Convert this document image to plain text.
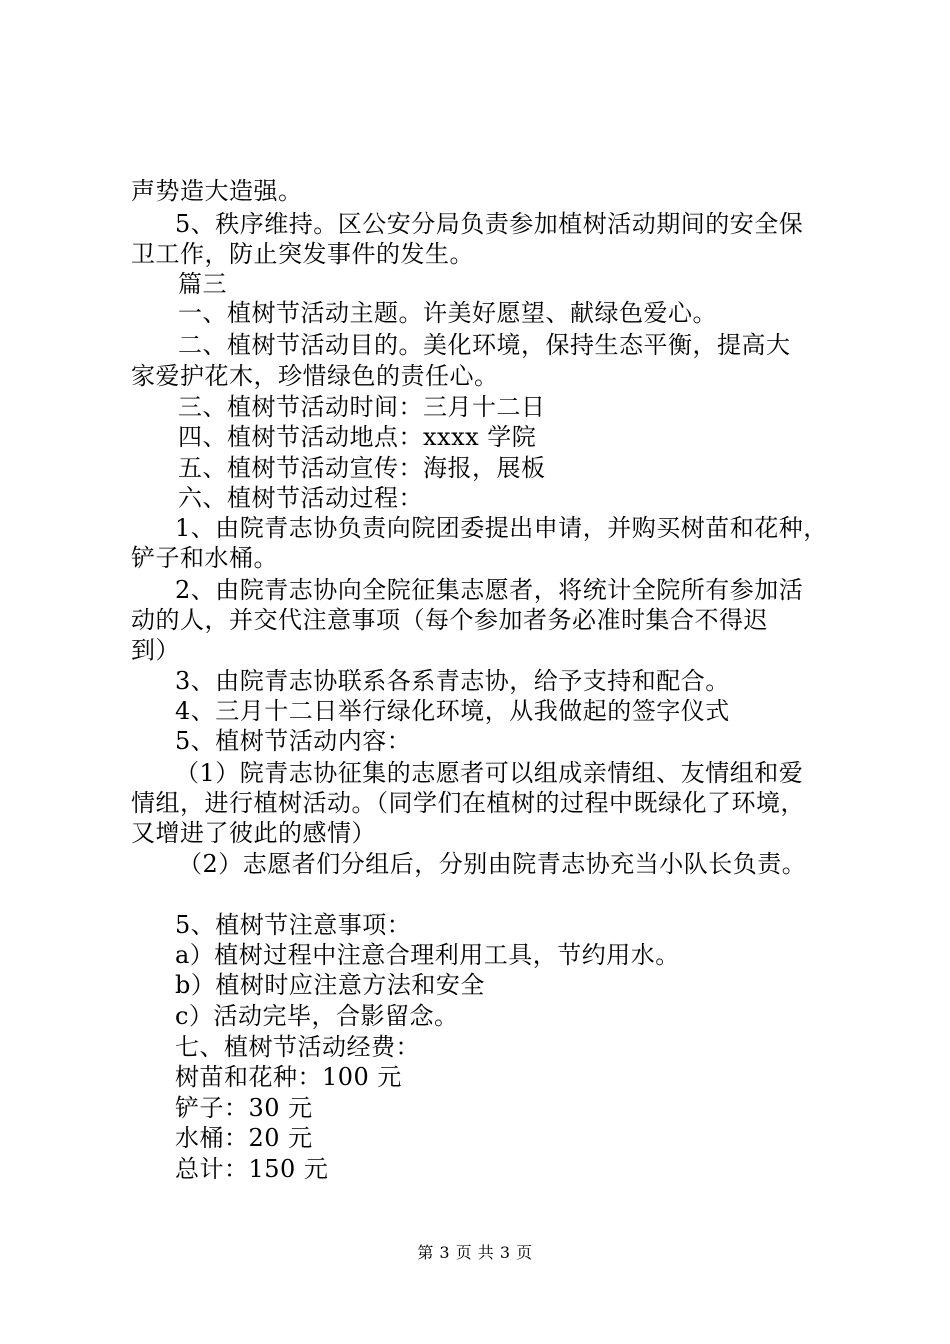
声势造大造强。
5、秩序维持。区公安分局负责参加植树活动期间的安全保
卫工作，防止突发事件的发生。
篇三
一、植树节活动主题。许美好愿望、献绿色爱心。
二、植树节活动目的。美化环境，保持生态平衡，提高大
家爱护花木，珍惜绿色的责任心。
三、植树节活动时间：三月十二日
四、植树节活动地点：xxxx 学院
五、植树节活动宣传：海报，展板
六、植树节活动过程：
1、由院青志协负责向院团委提出申请，并购买树苗和花种，
铲子和水桶。
2、由院青志协向全院征集志愿者，将统计全院所有参加活
动的人，并交代注意事项（每个参加者务必准时集合不得迟
到）
3、由院青志协联系各系青志协，给予支持和配合。
4、三月十二日举行绿化环境，从我做起的签字仪式
5、植树节活动内容：
（1）院青志协征集的志愿者可以组成亲情组、友情组和爱
情组，进行植树活动。（同学们在植树的过程中既绿化了环境，
又增进了彼此的感情）
（2）志愿者们分组后，分别由院青志协充当小队长负责。
5、植树节注意事项：
a）植树过程中注意合理利用工具，节约用水。
b）植树时应注意方法和安全
c）活动完毕，合影留念。
七、植树节活动经费：
树苗和花种：100 元
铲子：30 元
水桶：20 元
总计：150 元
第 3 页 共 3 页
